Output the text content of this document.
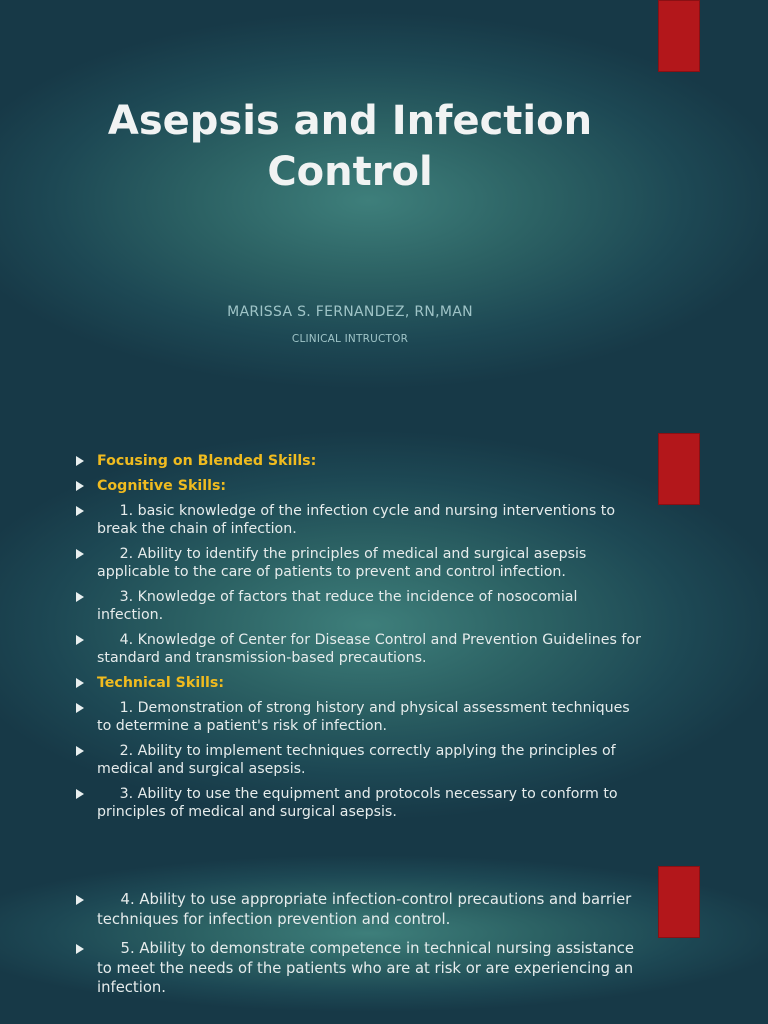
Asepsis and Infection
Control
MARISSA S. FERNANDEZ, RN,MAN
CLINICAL INTRUCTOR
Focusing on Blended Skills:
Cognitive Skills:
1. basic knowledge of the infection cycle and nursing interventions to break the chain of infection.
2. Ability to identify the principles of medical and surgical asepsis applicable to the care of patients to prevent and control infection.
3. Knowledge of factors that reduce the incidence of nosocomial infection.
4. Knowledge of Center for Disease Control and Prevention Guidelines for standard and transmission-based precautions.
Technical Skills:
1. Demonstration of strong history and physical assessment techniques to determine a patient's risk of infection.
2. Ability to implement techniques correctly applying the principles of medical and surgical asepsis.
3. Ability to use the equipment and protocols necessary to conform to principles of medical and surgical asepsis.
4. Ability to use appropriate infection-control precautions and barrier techniques for infection prevention and control.
5. Ability to demonstrate competence in technical nursing assistance to meet the needs of the patients who are at risk or are experiencing an infection.
